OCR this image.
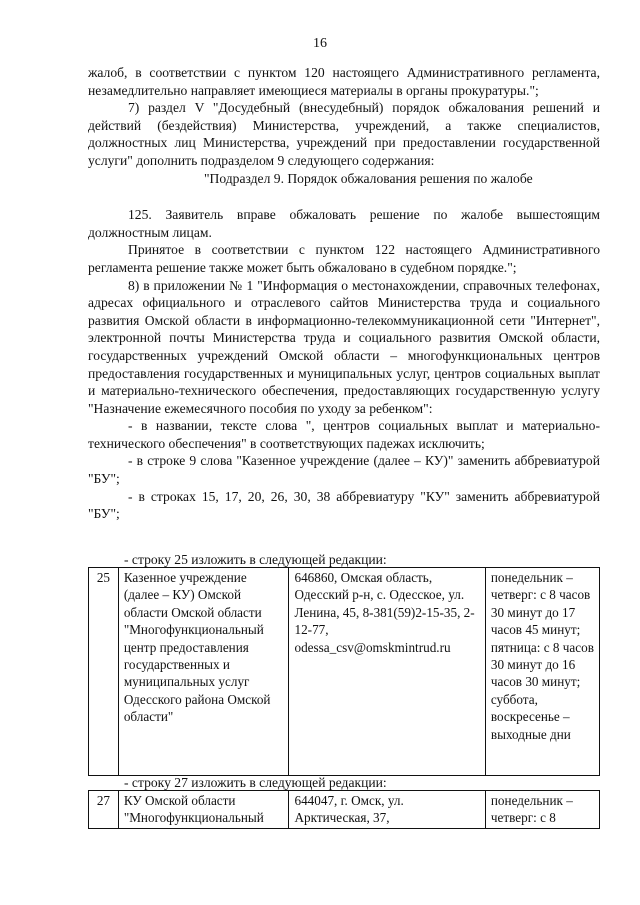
16

жалоб, в соответствии с пунктом 120 настоящего Административного регламента, незамедлительно направляет имеющиеся материалы в органы прокуратуры.";

7) раздел V "Досудебный (внесудебный) порядок обжалования решений и действий (бездействия) Министерства, учреждений, а также специалистов, должностных лиц Министерства, учреждений при предоставлении государственной услуги" дополнить подразделом 9 следующего содержания:

"Подраздел 9. Порядок обжалования решения по жалобе

125. Заявитель вправе обжаловать решение по жалобе вышестоящим должностным лицам.

Принятое в соответствии с пунктом 122 настоящего Административного регламента решение также может быть обжаловано в судебном порядке.";

8) в приложении № 1 "Информация о местонахождении, справочных телефонах, адресах официального и отраслевого сайтов Министерства труда и социального развития Омской области в информационно-телекоммуникационной сети "Интернет", электронной почты Министерства труда и социального развития Омской области, государственных учреждений Омской области – многофункциональных центров предоставления государственных и муниципальных услуг, центров социальных выплат и материально-технического обеспечения, предоставляющих государственную услугу "Назначение ежемесячного пособия по уходу за ребенком":

- в названии, тексте слова ", центров социальных выплат и материально-технического обеспечения" в соответствующих падежах исключить;

- в строке 9 слова "Казенное учреждение (далее – КУ)" заменить аббревиатурой "БУ";

- в строках 15, 17, 20, 26, 30, 38 аббревиатуру "КУ" заменить аббревиатурой "БУ";

- строку 25 изложить в следующей редакции:
25	Казенное учреждение (далее – КУ) Омской области Омской области "Многофункциональный центр предоставления государственных и муниципальных услуг Одесского района Омской области"	646860, Омская область, Одесский р-н, с. Одесское, ул. Ленина, 45, 8-381(59)2-15-35, 2-12-77, odessa_csv@omskmintrud.ru	понедельник – четверг: с 8 часов 30 минут до 17 часов 45 минут; пятница: с 8 часов 30 минут до 16 часов 30 минут; суббота, воскресенье – выходные дни
- строку 27 изложить в следующей редакции:
27	КУ Омской области "Многофункциональный	644047, г. Омск, ул. Арктическая, 37,	понедельник – четверг: с 8
